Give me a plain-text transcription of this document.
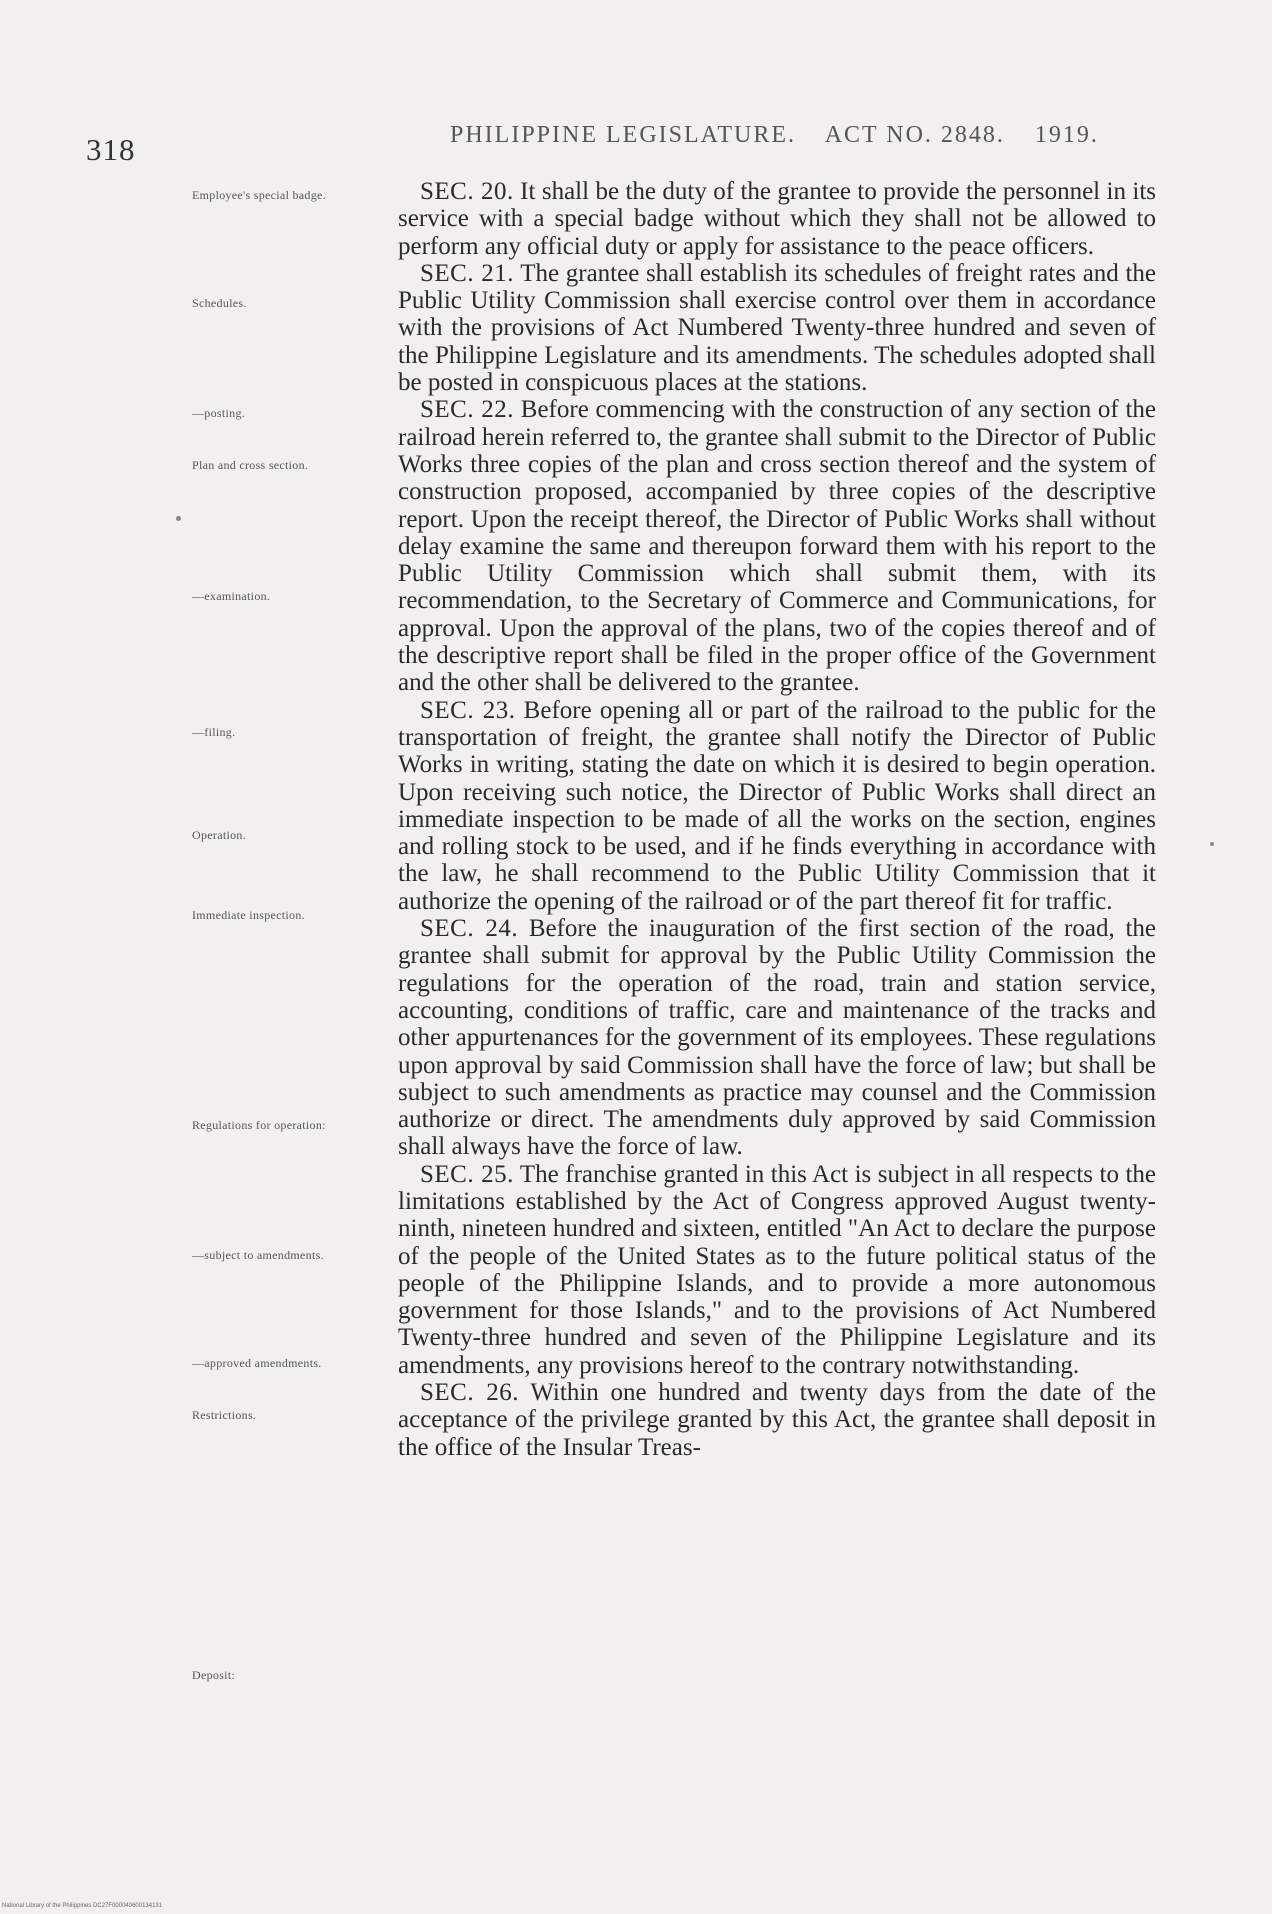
318	PHILIPPINE LEGISLATURE. ACT NO. 2848. 1919.
Employee's special badge.
Schedules.
—posting.
Plan and cross section.
—examination.
—filing.
Operation.
Immediate inspection.
Regulations for operation:
—subject to amendments.
—approved amendments.
Restrictions.
Deposit:

SEC. 20. It shall be the duty of the grantee to provide the personnel in its service with a special badge without which they shall not be allowed to perform any official duty or apply for assistance to the peace officers.

SEC. 21. The grantee shall establish its schedules of freight rates and the Public Utility Commission shall exercise control over them in accordance with the provisions of Act Numbered Twenty-three hundred and seven of the Philippine Legislature and its amendments. The schedules adopted shall be posted in conspicuous places at the stations.

SEC. 22. Before commencing with the construction of any section of the railroad herein referred to, the grantee shall submit to the Director of Public Works three copies of the plan and cross section thereof and the system of construction proposed, accompanied by three copies of the descriptive report. Upon the receipt thereof, the Director of Public Works shall without delay examine the same and thereupon forward them with his report to the Public Utility Commission which shall submit them, with its recommendation, to the Secretary of Commerce and Communications, for approval. Upon the approval of the plans, two of the copies thereof and of the descriptive report shall be filed in the proper office of the Government and the other shall be delivered to the grantee.

SEC. 23. Before opening all or part of the railroad to the public for the transportation of freight, the grantee shall notify the Director of Public Works in writing, stating the date on which it is desired to begin operation. Upon receiving such notice, the Director of Public Works shall direct an immediate inspection to be made of all the works on the section, engines and rolling stock to be used, and if he finds everything in accordance with the law, he shall recommend to the Public Utility Commission that it authorize the opening of the railroad or of the part thereof fit for traffic.

SEC. 24. Before the inauguration of the first section of the road, the grantee shall submit for approval by the Public Utility Commission the regulations for the operation of the road, train and station service, accounting, conditions of traffic, care and maintenance of the tracks and other appurtenances for the government of its employees. These regulations upon approval by said Commission shall have the force of law; but shall be subject to such amendments as practice may counsel and the Commission authorize or direct. The amendments duly approved by said Commission shall always have the force of law.

SEC. 25. The franchise granted in this Act is subject in all respects to the limitations established by the Act of Congress approved August twenty-ninth, nineteen hundred and sixteen, entitled "An Act to declare the purpose of the people of the United States as to the future political status of the people of the Philippine Islands, and to provide a more autonomous government for those Islands," and to the provisions of Act Numbered Twenty-three hundred and seven of the Philippine Legislature and its amendments, any provisions hereof to the contrary notwithstanding.

SEC. 26. Within one hundred and twenty days from the date of the acceptance of the privilege granted by this Act, the grantee shall deposit in the office of the Insular Treas-

National Library of the Philippines DC27F000040600134131
